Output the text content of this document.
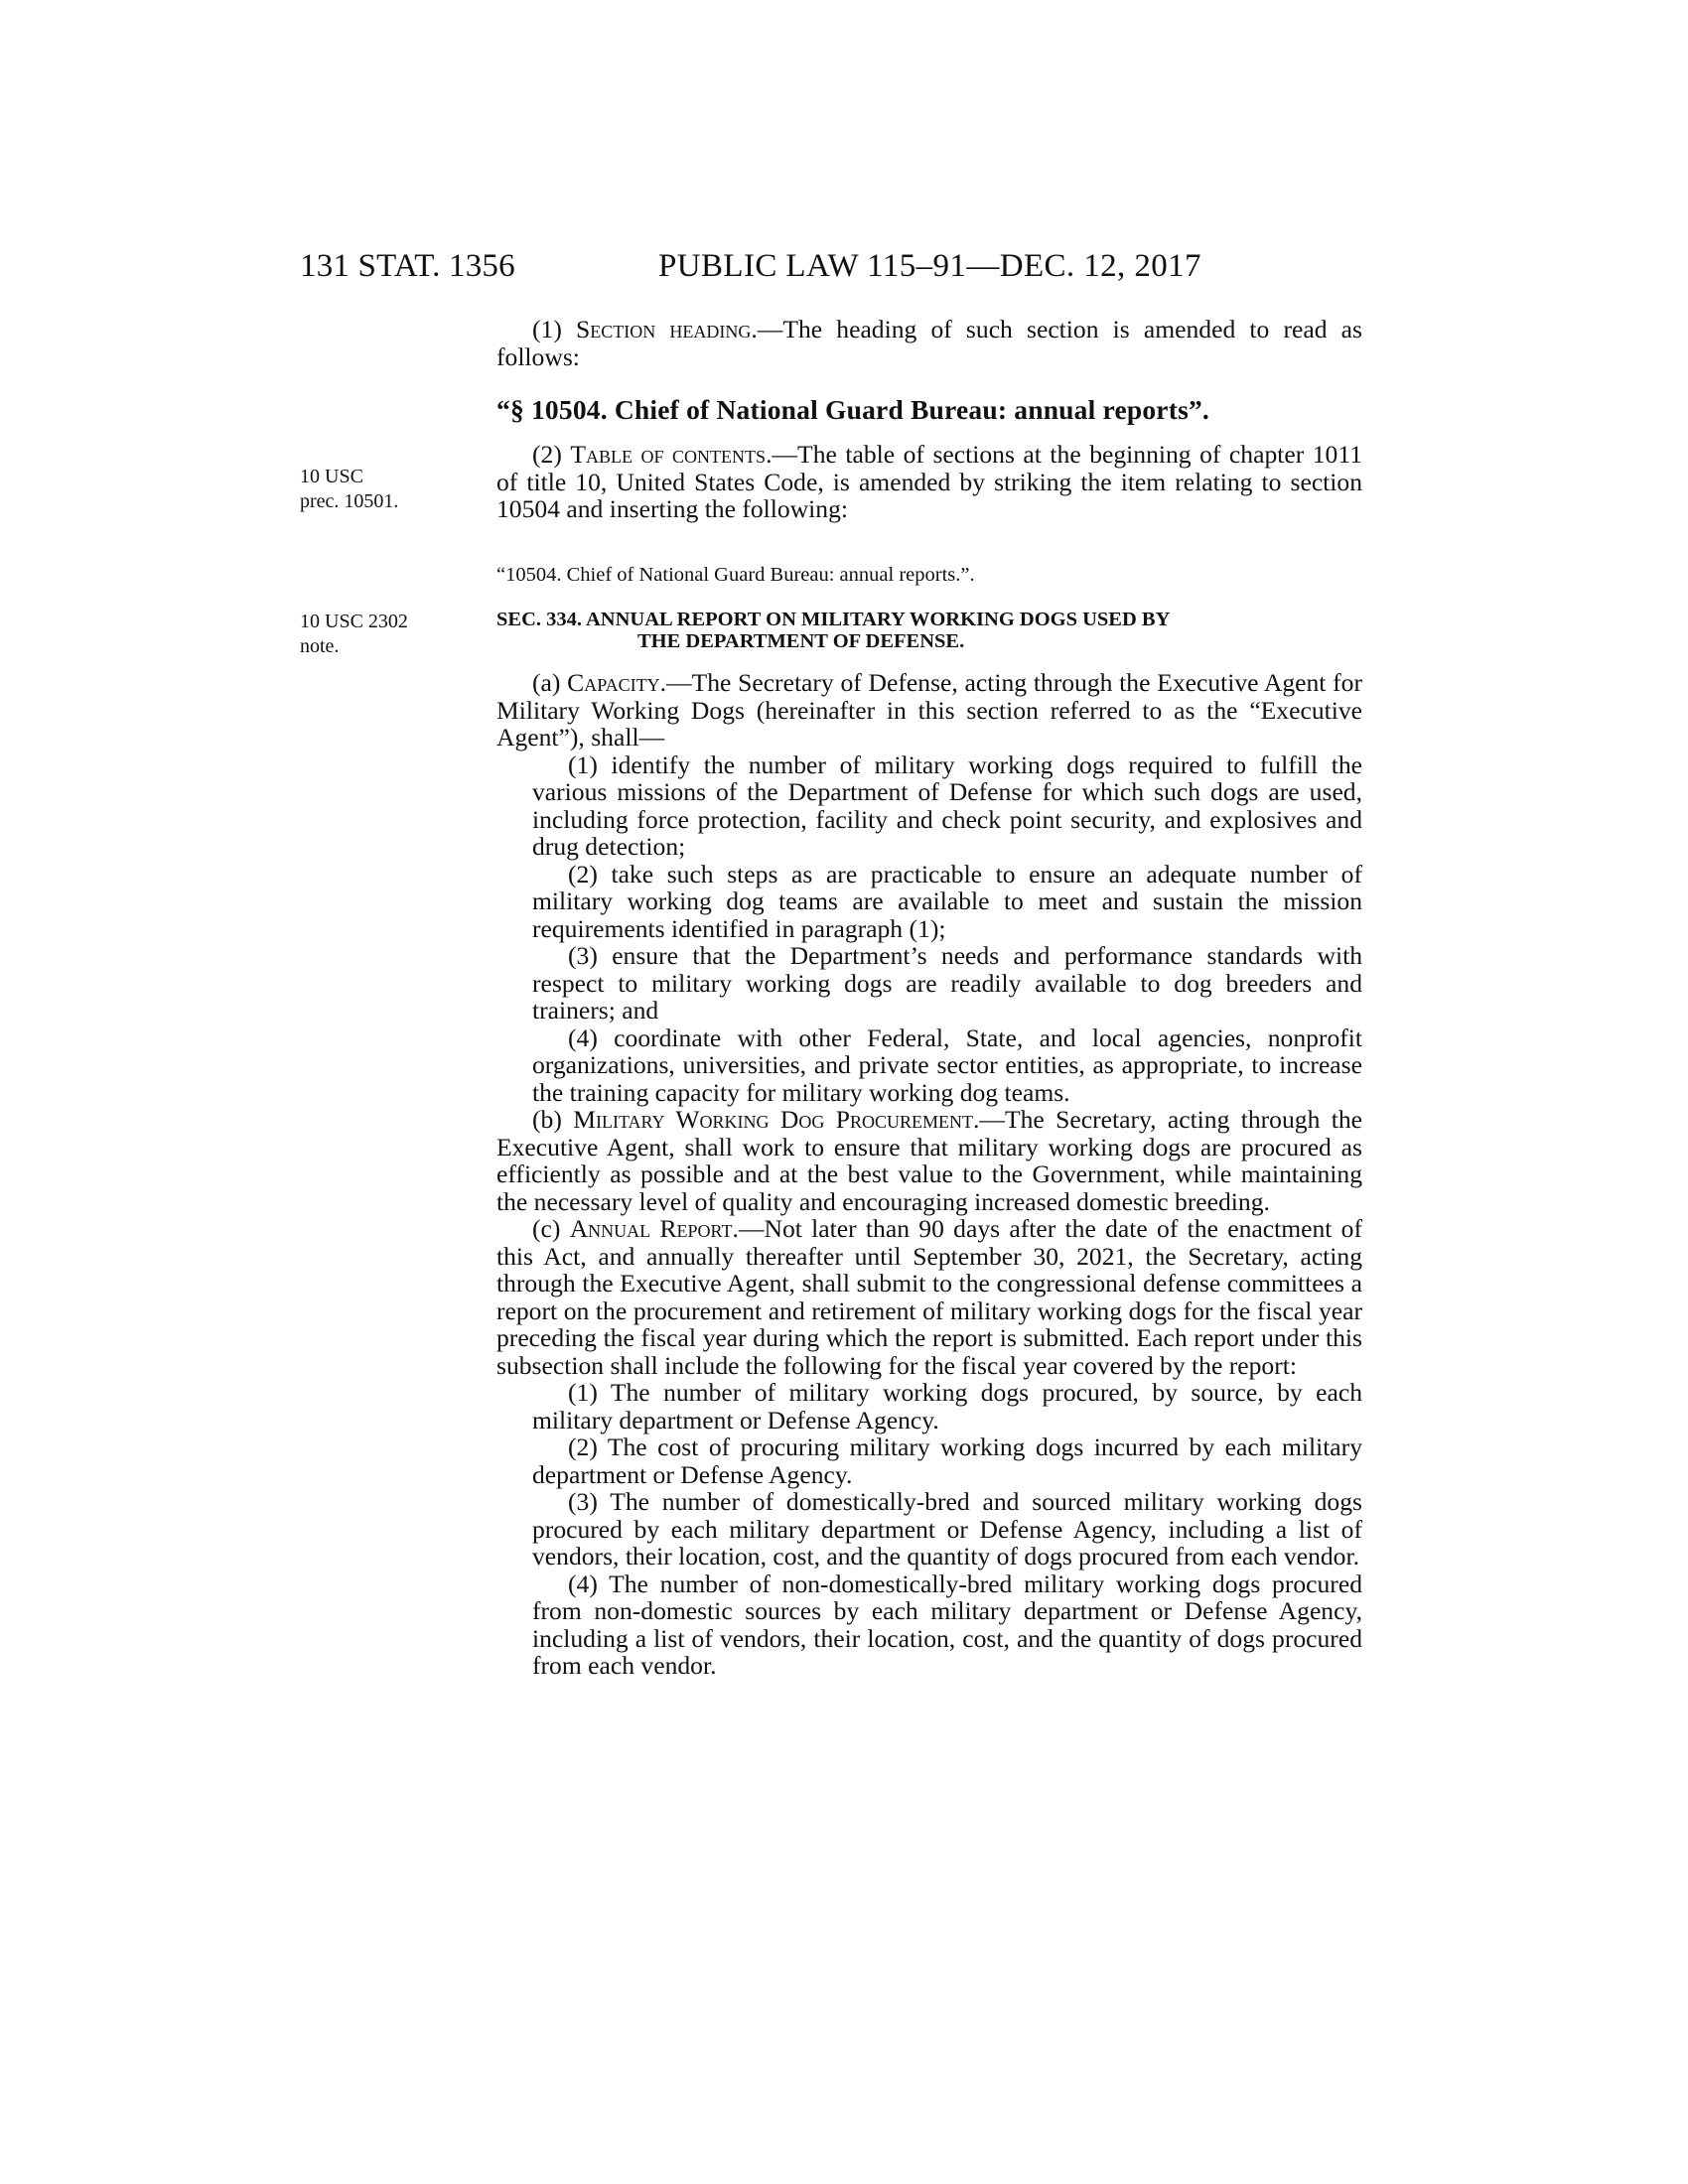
131 STAT. 1356	PUBLIC LAW 115–91—DEC. 12, 2017

(1) Section heading.—The heading of such section is amended to read as follows:

“§ 10504. Chief of National Guard Bureau: annual reports”.
10 USC
prec. 10501.

(2) Table of contents.—The table of sections at the beginning of chapter 1011 of title 10, United States Code, is amended by striking the item relating to section 10504 and inserting the following:

“10504. Chief of National Guard Bureau: annual reports.”.
10 USC 2302
note.
SEC. 334. ANNUAL REPORT ON MILITARY WORKING DOGS USED BY
THE DEPARTMENT OF DEFENSE.

(a) Capacity.—The Secretary of Defense, acting through the Executive Agent for Military Working Dogs (hereinafter in this section referred to as the “Executive Agent”), shall—

(1) identify the number of military working dogs required to fulfill the various missions of the Department of Defense for which such dogs are used, including force protection, facility and check point security, and explosives and drug detection;

(2) take such steps as are practicable to ensure an adequate number of military working dog teams are available to meet and sustain the mission requirements identified in paragraph (1);

(3) ensure that the Department’s needs and performance standards with respect to military working dogs are readily available to dog breeders and trainers; and

(4) coordinate with other Federal, State, and local agencies, nonprofit organizations, universities, and private sector entities, as appropriate, to increase the training capacity for military working dog teams.

(b) Military Working Dog Procurement.—The Secretary, acting through the Executive Agent, shall work to ensure that military working dogs are procured as efficiently as possible and at the best value to the Government, while maintaining the necessary level of quality and encouraging increased domestic breeding.

(c) Annual Report.—Not later than 90 days after the date of the enactment of this Act, and annually thereafter until September 30, 2021, the Secretary, acting through the Executive Agent, shall submit to the congressional defense committees a report on the procurement and retirement of military working dogs for the fiscal year preceding the fiscal year during which the report is submitted. Each report under this subsection shall include the following for the fiscal year covered by the report:

(1) The number of military working dogs procured, by source, by each military department or Defense Agency.

(2) The cost of procuring military working dogs incurred by each military department or Defense Agency.

(3) The number of domestically-bred and sourced military working dogs procured by each military department or Defense Agency, including a list of vendors, their location, cost, and the quantity of dogs procured from each vendor.

(4) The number of non-domestically-bred military working dogs procured from non-domestic sources by each military department or Defense Agency, including a list of vendors, their location, cost, and the quantity of dogs procured from each vendor.
